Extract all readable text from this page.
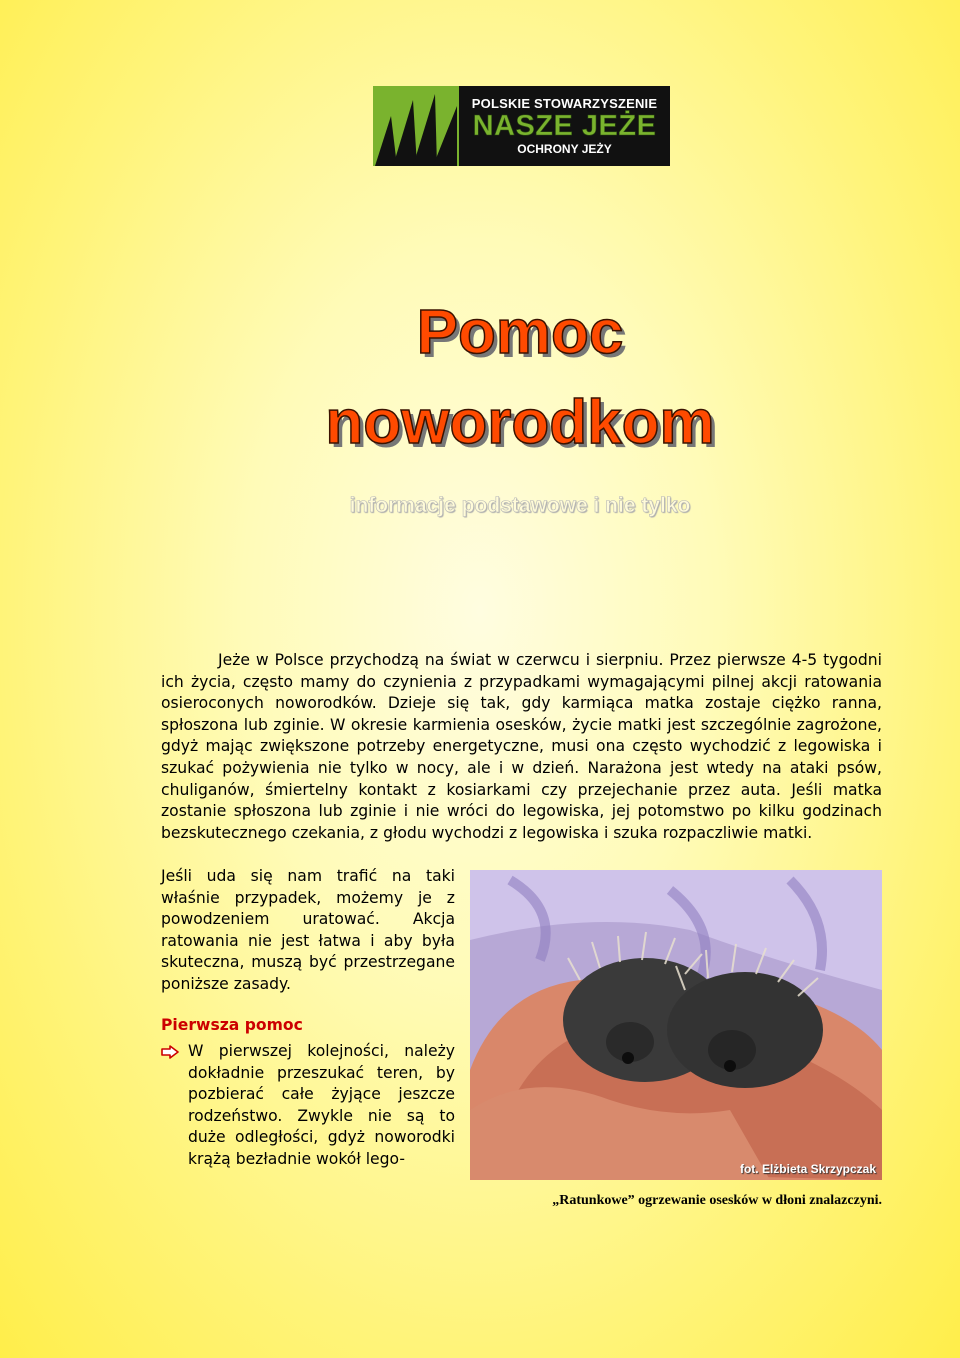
POLSKIE STOWARZYSZENIE
NASZE JEŻE
OCHRONY JEŻY
Pomoc
noworodkom
informacje podstawowe i nie tylko

Jeże w Polsce przychodzą na świat w czerwcu i sierpniu. Przez pierwsze 4-5 tygodni ich życia, często mamy do czynienia z przypadkami wymagającymi pilnej akcji ratowania osieroconych noworodków. Dzieje się tak, gdy karmiąca matka zostaje ciężko ranna, spłoszona lub zginie. W okresie karmienia osesków, życie matki jest szczególnie zagrożone, gdyż mając zwiększone potrzeby energetyczne, musi ona często wychodzić z legowiska i szukać pożywienia nie tylko w nocy, ale i w dzień. Narażona jest wtedy na ataki psów, chuliganów, śmiertelny kontakt z kosiarkami czy przejechanie przez auta. Jeśli matka zostanie spłoszona lub zginie i nie wróci do legowiska, jej potomstwo po kilku godzinach bezskutecznego czekania, z głodu wychodzi z legowiska i szuka rozpaczliwie matki.

Jeśli uda się nam trafić na taki właśnie przypadek, możemy je z powodzeniem uratować. Akcja ratowania nie jest łatwa i aby była skuteczna, muszą być przestrzegane poniższe zasady.

Pierwsza pomoc

W pierwszej kolejności, należy dokładnie przeszukać teren, by pozbierać całe żyjące jeszcze rodzeństwo. Zwykle nie są to duże odległości, gdyż noworodki krążą bezładnie wokół lego-

fot. Elżbieta Skrzypczak

„Ratunkowe” ogrzewanie osesków w dłoni znalazczyni.
